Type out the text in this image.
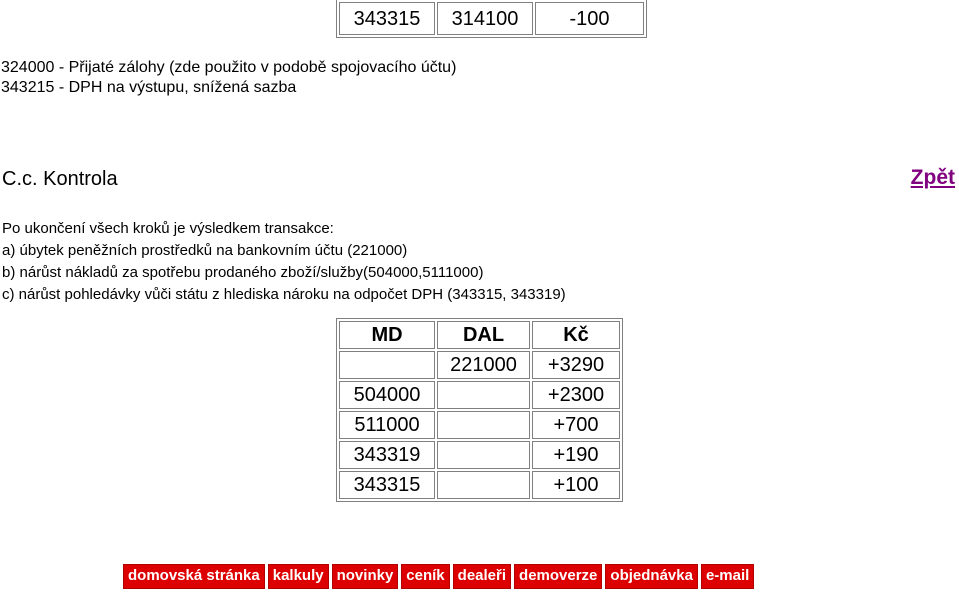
343315	314100	-100
324000 - Přijaté zálohy (zde použito v podobě spojovacího účtu)
343215 - DPH na výstupu, snížená sazba
C.c. Kontrola	Zpět
Po ukončení všech kroků je výsledkem transakce:
a) úbytek peněžních prostředků na bankovním účtu (221000)
b) nárůst nákladů za spotřebu prodaného zboží/služby(504000,5111000)
c) nárůst pohledávky vůči státu z hlediska nároku na odpočet DPH (343315, 343319)
MD	DAL	Kč
	221000	+3290
504000		+2300
511000		+700
343319		+190
343315		+100
domovská stránka kalkuly novinky ceník dealeři demoverze objednávka e-mail
